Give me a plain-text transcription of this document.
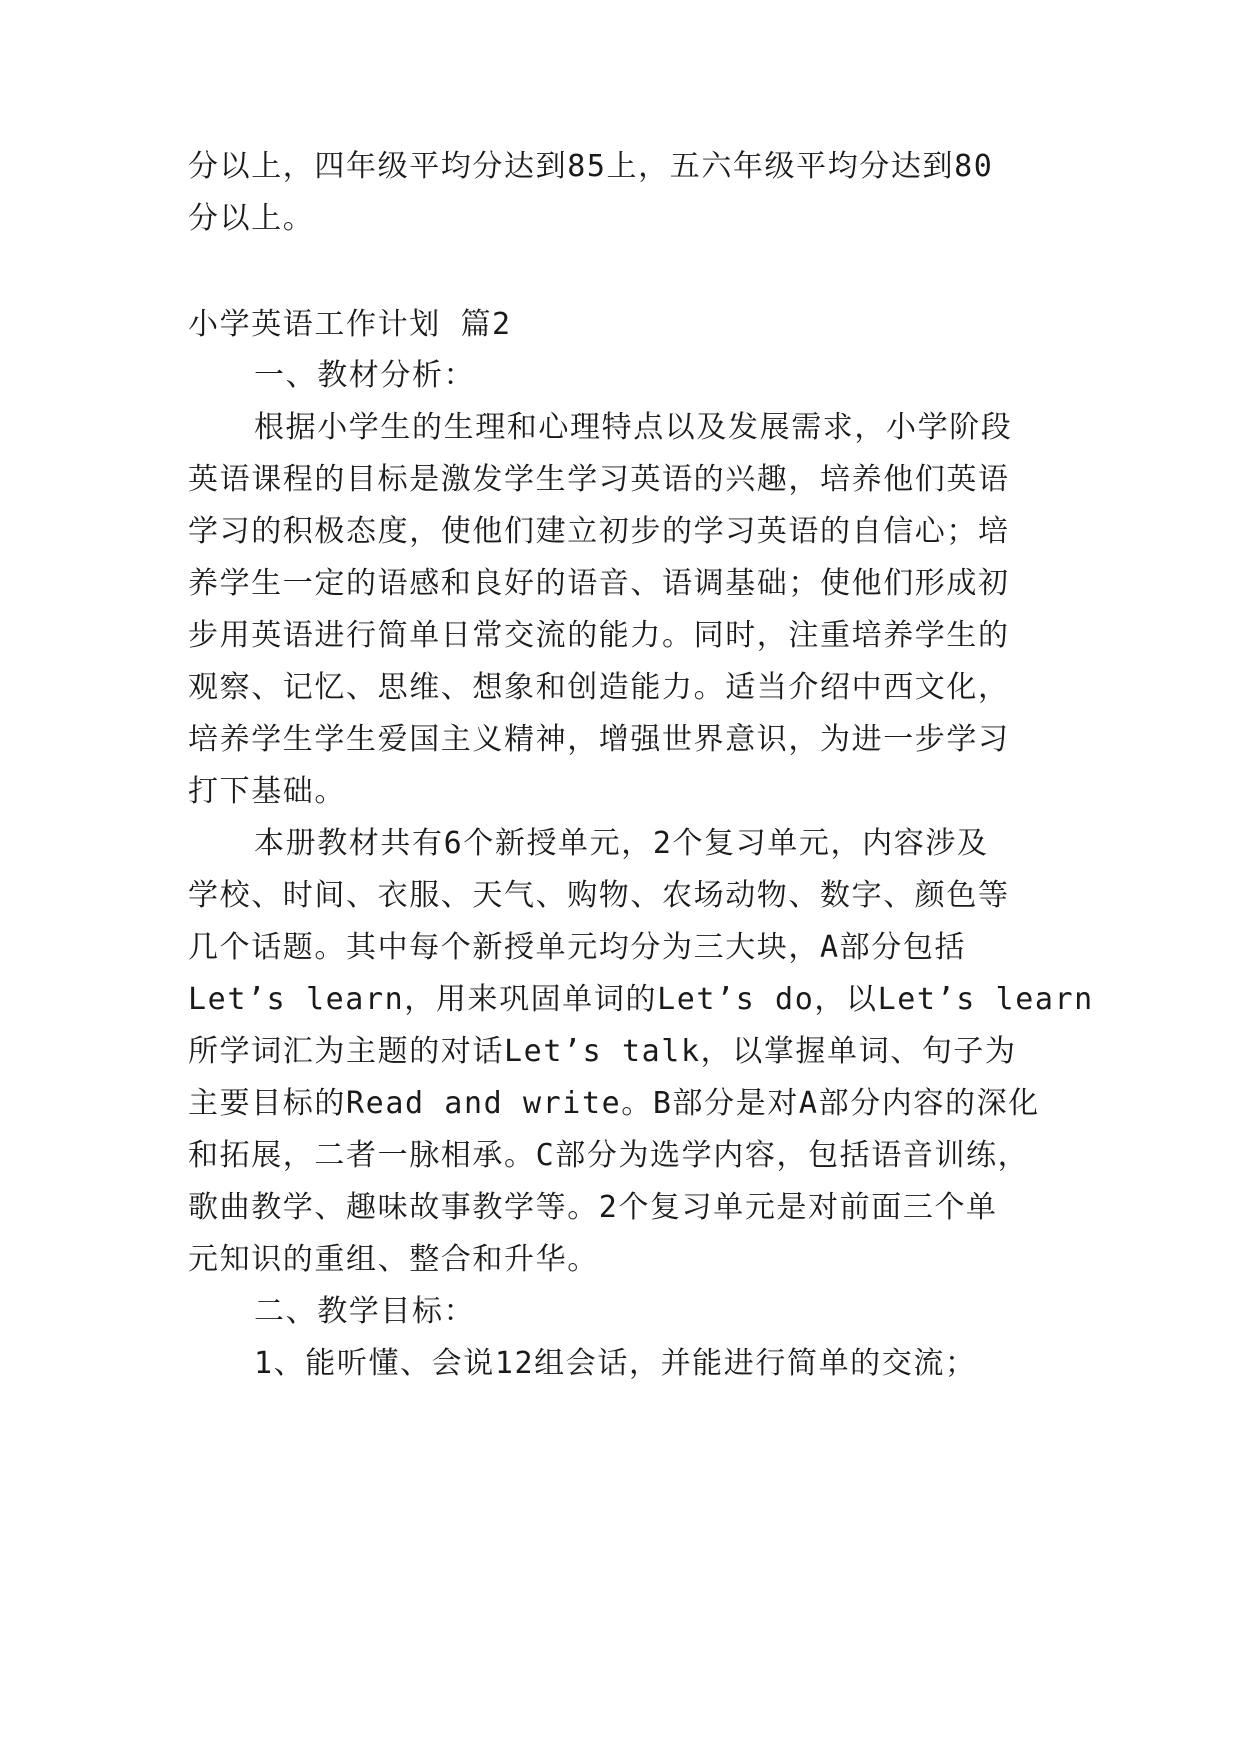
分以上，四年级平均分达到85上，五六年级平均分达到80
分以上。
小学英语工作计划 篇2
一、教材分析：
根据小学生的生理和心理特点以及发展需求，小学阶段
英语课程的目标是激发学生学习英语的兴趣，培养他们英语
学习的积极态度，使他们建立初步的学习英语的自信心；培
养学生一定的语感和良好的语音、语调基础；使他们形成初
步用英语进行简单日常交流的能力。同时，注重培养学生的
观察、记忆、思维、想象和创造能力。适当介绍中西文化，
培养学生学生爱国主义精神，增强世界意识，为进一步学习
打下基础。
本册教材共有6个新授单元，2个复习单元，内容涉及
学校、时间、衣服、天气、购物、农场动物、数字、颜色等
几个话题。其中每个新授单元均分为三大块，A部分包括
Let’s learn，用来巩固单词的Let’s do，以Let’s learn
所学词汇为主题的对话Let’s talk，以掌握单词、句子为
主要目标的Read and write。B部分是对A部分内容的深化
和拓展，二者一脉相承。C部分为选学内容，包括语音训练，
歌曲教学、趣味故事教学等。2个复习单元是对前面三个单
元知识的重组、整合和升华。
二、教学目标：
1、能听懂、会说12组会话，并能进行简单的交流；
